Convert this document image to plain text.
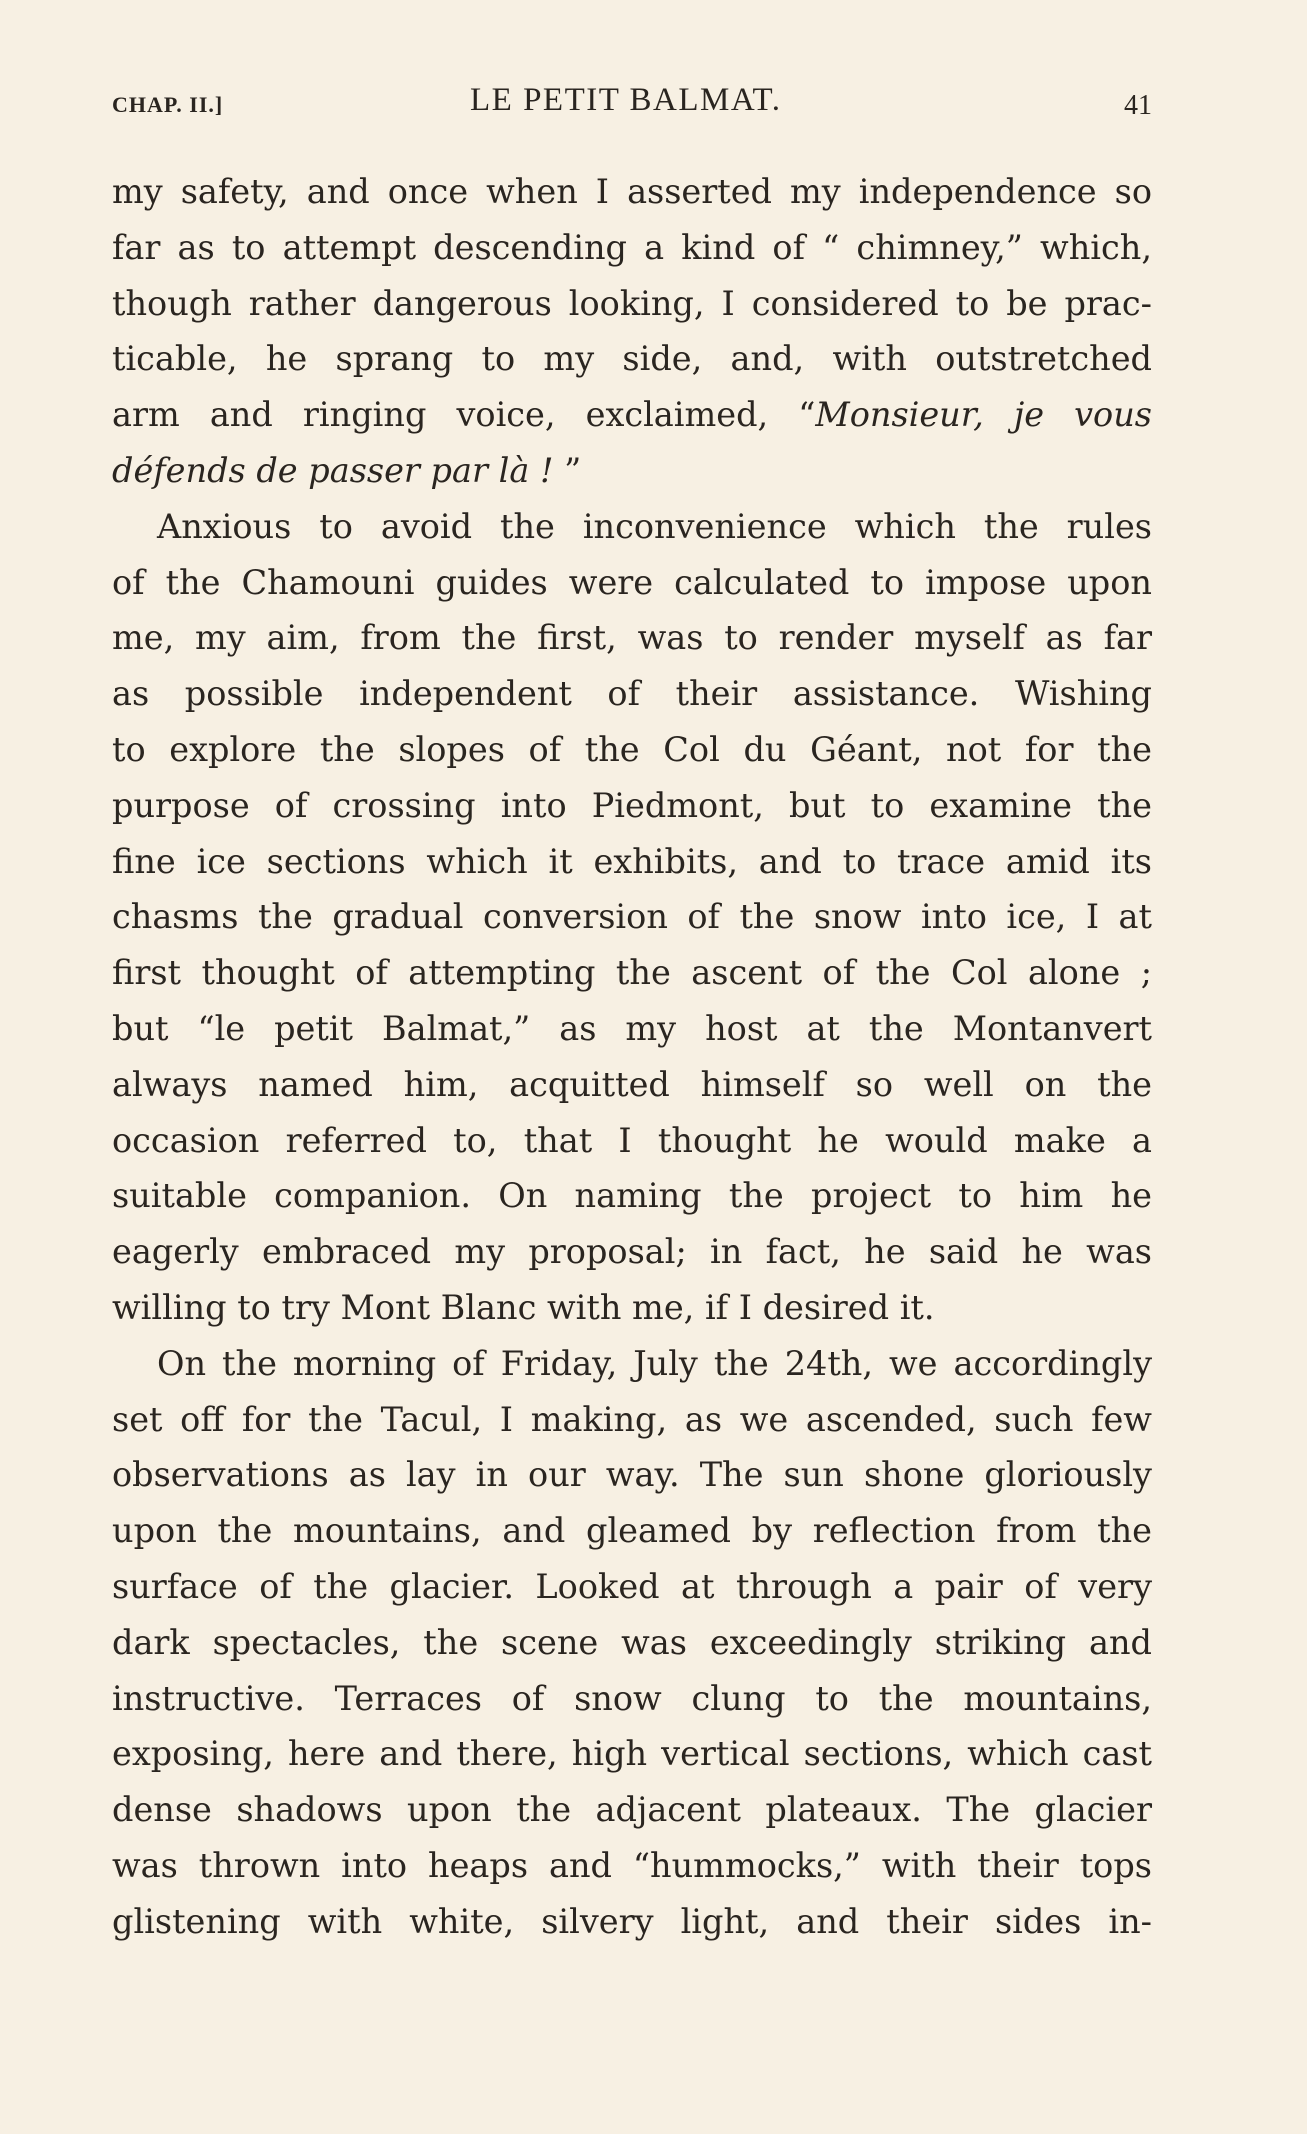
CHAP. II.]	LE PETIT BALMAT.	41
my safety, and once when I asserted my independence so
far as to attempt descending a kind of “ chimney,” which,
though rather dangerous looking, I considered to be prac-
ticable, he sprang to my side, and, with outstretched
arm and ringing voice, exclaimed, “Monsieur, je vous
défends de passer par là ! ”
Anxious to avoid the inconvenience which the rules
of the Chamouni guides were calculated to impose upon
me, my aim, from the first, was to render myself as far
as possible independent of their assistance. Wishing
to explore the slopes of the Col du Géant, not for the
purpose of crossing into Piedmont, but to examine the
fine ice sections which it exhibits, and to trace amid its
chasms the gradual conversion of the snow into ice, I at
first thought of attempting the ascent of the Col alone ;
but “le petit Balmat,” as my host at the Montanvert
always named him, acquitted himself so well on the
occasion referred to, that I thought he would make a
suitable companion. On naming the project to him he
eagerly embraced my proposal; in fact, he said he was
willing to try Mont Blanc with me, if I desired it.
On the morning of Friday, July the 24th, we accordingly
set off for the Tacul, I making, as we ascended, such few
observations as lay in our way. The sun shone gloriously
upon the mountains, and gleamed by reflection from the
surface of the glacier. Looked at through a pair of very
dark spectacles, the scene was exceedingly striking and
instructive. Terraces of snow clung to the mountains,
exposing, here and there, high vertical sections, which cast
dense shadows upon the adjacent plateaux. The glacier
was thrown into heaps and “hummocks,” with their tops
glistening with white, silvery light, and their sides in-
